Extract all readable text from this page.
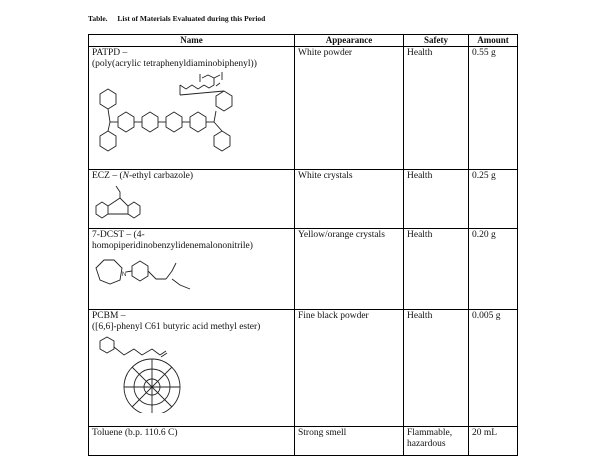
Table. List of Materials Evaluated during this Period
Name	Appearance	Safety	Amount

PATPD –
(poly(acrylic tetraphenyldiaminobiphenyl))	White powder	Health	0.55 g

ECZ – (N-ethyl carbazole)	White crystals	Health	0.25 g

7-DCST – (4-
homopiperidinobenzylidenemalononitrile)
N	Yellow/orange crystals	Health	0.20 g

PCBM –
([6,6]-phenyl C61 butyric acid methyl ester)	Fine black powder	Health	0.005 g
Toluene (b.p. 110.6 C)	Strong smell	Flammable, hazardous	20 mL
